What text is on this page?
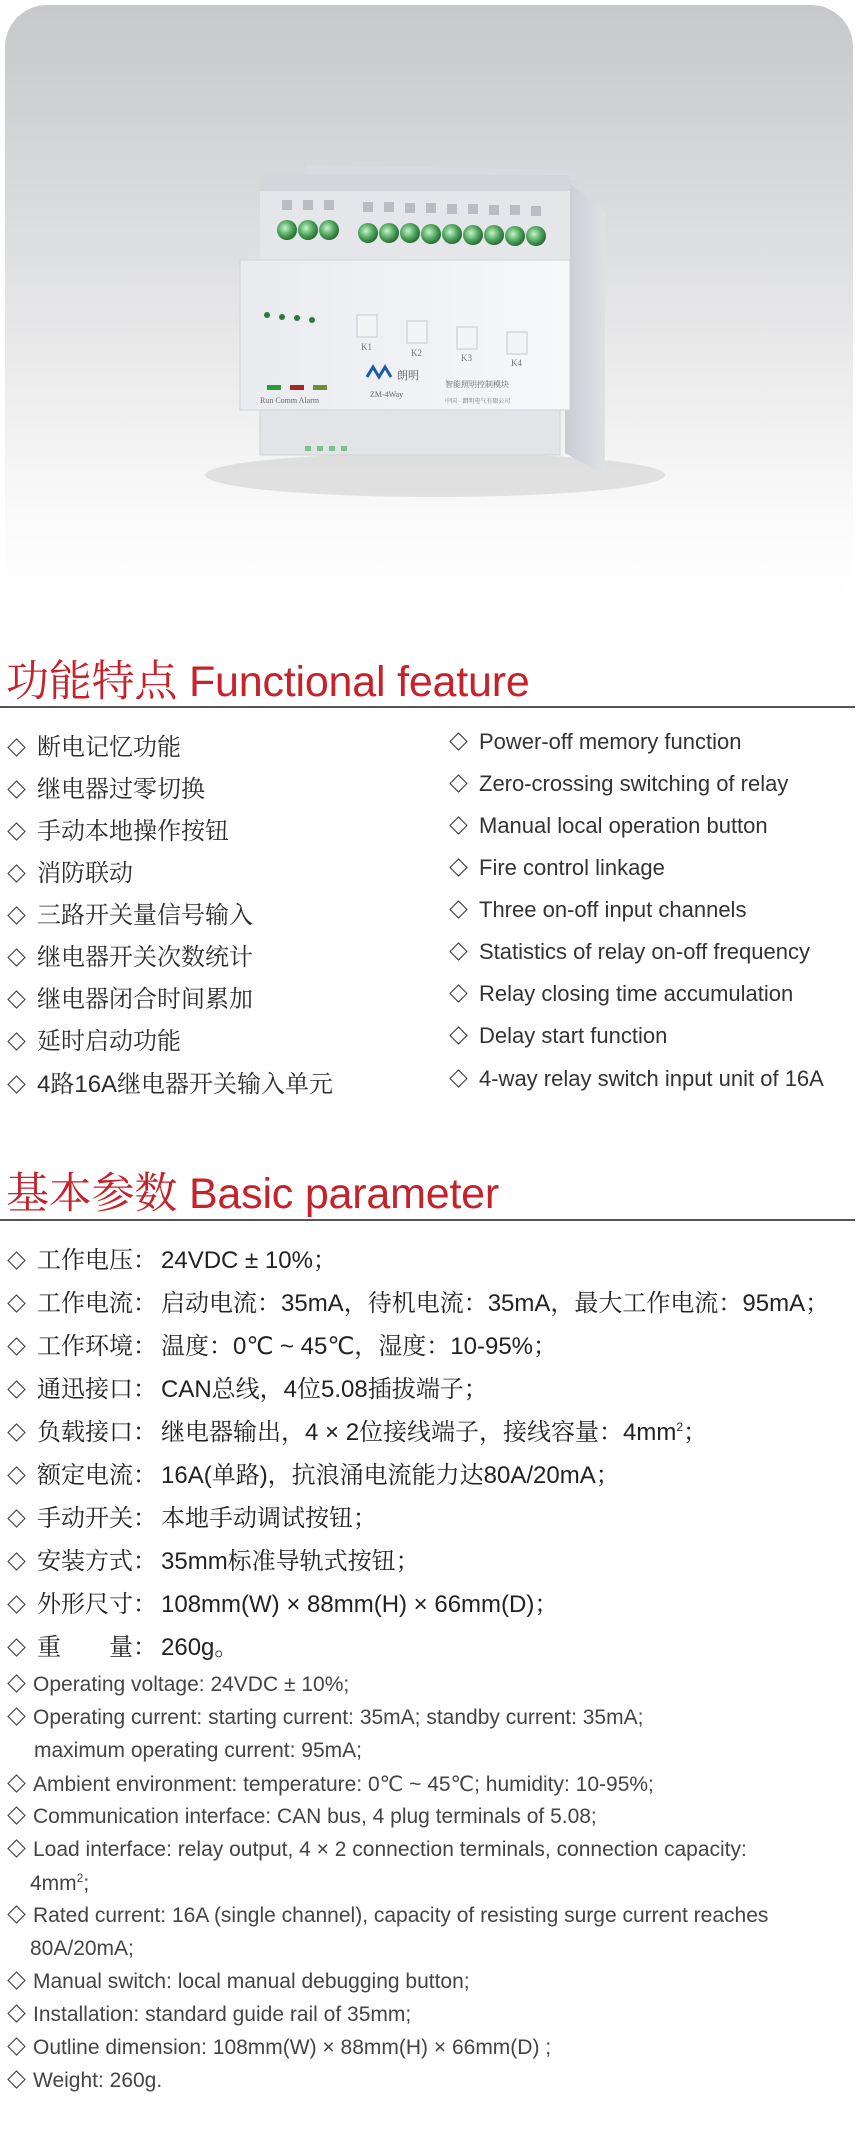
K1
K2	K3	K4
朗明
Run Comm Alarm
ZM-4Way
智能照明控制模块
中国 · 朗明电气有限公司
功能特点 Functional feature
断电记忆功能
继电器过零切换
手动本地操作按钮
消防联动
三路开关量信号输入
继电器开关次数统计
继电器闭合时间累加
延时启动功能
4路16A继电器开关输入单元
Power-off memory function
Zero-crossing switching of relay
Manual local operation button
Fire control linkage
Three on-off input channels
Statistics of relay on-off frequency
Relay closing time accumulation
Delay start function
4-way relay switch input unit of 16A
基本参数 Basic parameter
工作电压： 24VDC ± 10%；
工作电流： 启动电流：35mA，待机电流：35mA，最大工作电流：95mA；
工作环境： 温度：0℃ ~ 45℃，湿度：10-95%；
通迅接口： CAN总线，4位5.08插拔端子；
负载接口： 继电器输出，4 × 2位接线端子，接线容量：$4mm^2$；
额定电流： 16A(单路)，抗浪涌电流能力达80A/20mA；
手动开关： 本地手动调试按钮；
安装方式： 35mm标准导轨式按钮；
外形尺寸： 108mm(W) × 88mm(H) × 66mm(D)；
重　　量： 260g。
Operating voltage: 24VDC ± 10%;
Operating current: starting current: 35mA; standby current: 35mA;
maximum operating current: 95mA;
Ambient environment: temperature: 0℃ ~ 45℃; humidity: 10-95%;
Communication interface: CAN bus, 4 plug terminals of 5.08;
Load interface: relay output, 4 × 2 connection terminals, connection capacity:
$4mm^2$;
Rated current: 16A (single channel), capacity of resisting surge current reaches
80A/20mA;
Manual switch: local manual debugging button;
Installation: standard guide rail of 35mm;
Outline dimension: 108mm(W) × 88mm(H) × 66mm(D) ;
Weight: 260g.
